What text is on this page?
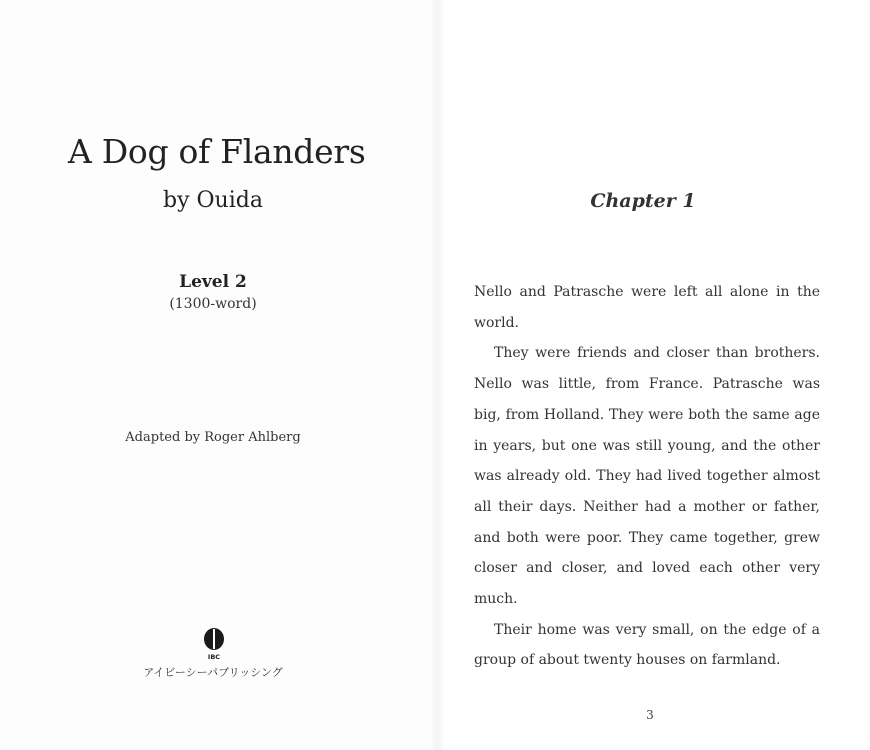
A Dog of Flanders
by Ouida
Level 2
(1300-word)
Adapted by Roger Ahlberg
IBC
アイビーシーパブリッシング
Chapter 1

Nello and Patrasche were left all alone in the world.

They were friends and closer than brothers. Nello was little, from France. Patrasche was big, from Holland. They were both the same age in years, but one was still young, and the other was already old. They had lived together almost all their days. Neither had a mother or father, and both were poor. They came together, grew closer and closer, and loved each other very much.

Their home was very small, on the edge of a group of about twenty houses on farmland.

3
